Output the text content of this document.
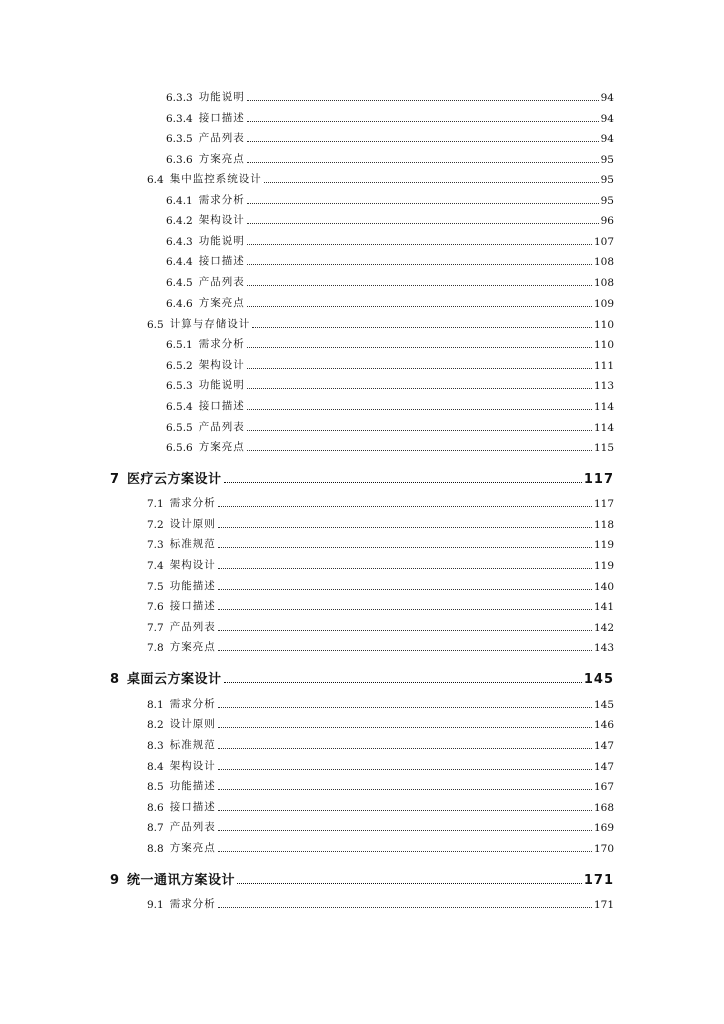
6.3.3 功能说明	94
6.3.4 接口描述	94
6.3.5 产品列表	94
6.3.6 方案亮点	95
6.4 集中监控系统设计	95
6.4.1 需求分析	95
6.4.2 架构设计	96
6.4.3 功能说明	107
6.4.4 接口描述	108
6.4.5 产品列表	108
6.4.6 方案亮点	109
6.5 计算与存储设计	110
6.5.1 需求分析	110
6.5.2 架构设计	111
6.5.3 功能说明	113
6.5.4 接口描述	114
6.5.5 产品列表	114
6.5.6 方案亮点	115
7 医疗云方案设计	117
7.1 需求分析	117
7.2 设计原则	118
7.3 标准规范	119
7.4 架构设计	119
7.5 功能描述	140
7.6 接口描述	141
7.7 产品列表	142
7.8 方案亮点	143
8 桌面云方案设计	145
8.1 需求分析	145
8.2 设计原则	146
8.3 标准规范	147
8.4 架构设计	147
8.5 功能描述	167
8.6 接口描述	168
8.7 产品列表	169
8.8 方案亮点	170
9 统一通讯方案设计	171
9.1 需求分析	171
